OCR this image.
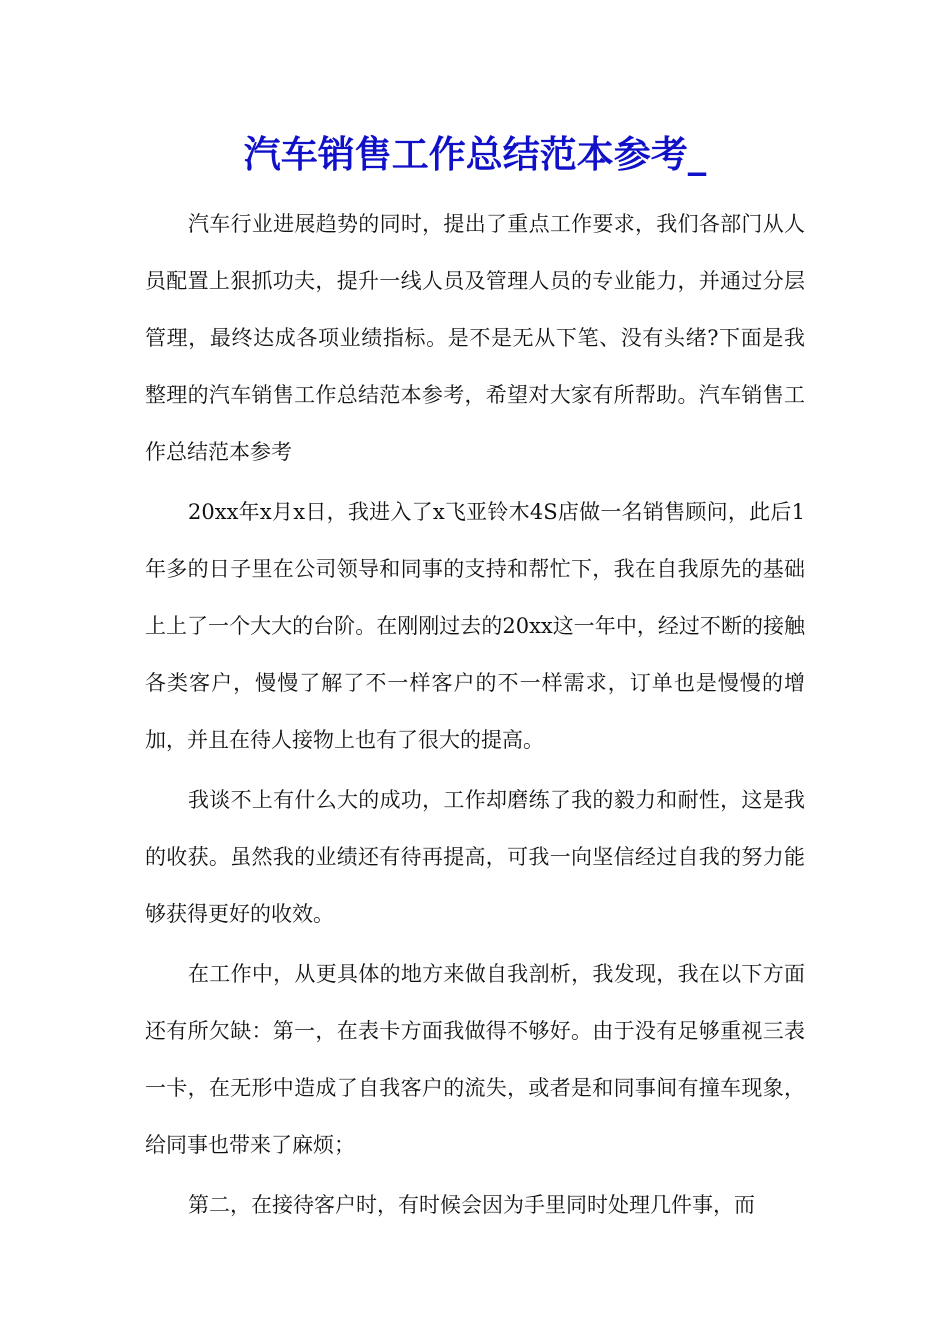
汽车销售工作总结范本参考_

汽车行业进展趋势的同时，提出了重点工作要求，我们各部门从人员配置上狠抓功夫，提升一线人员及管理人员的专业能力，并通过分层管理，最终达成各项业绩指标。是不是无从下笔、没有头绪?下面是我整理的汽车销售工作总结范本参考，希望对大家有所帮助。汽车销售工作总结范本参考

20xx年x月x日，我进入了x飞亚铃木4S店做一名销售顾问，此后1年多的日子里在公司领导和同事的支持和帮忙下，我在自我原先的基础上上了一个大大的台阶。在刚刚过去的20xx这一年中，经过不断的接触各类客户，慢慢了解了不一样客户的不一样需求，订单也是慢慢的增加，并且在待人接物上也有了很大的提高。

我谈不上有什么大的成功，工作却磨练了我的毅力和耐性，这是我的收获。虽然我的业绩还有待再提高，可我一向坚信经过自我的努力能够获得更好的收效。

在工作中，从更具体的地方来做自我剖析，我发现，我在以下方面还有所欠缺：第一，在表卡方面我做得不够好。由于没有足够重视三表一卡，在无形中造成了自我客户的流失，或者是和同事间有撞车现象，给同事也带来了麻烦；

第二，在接待客户时，有时候会因为手里同时处理几件事，而
